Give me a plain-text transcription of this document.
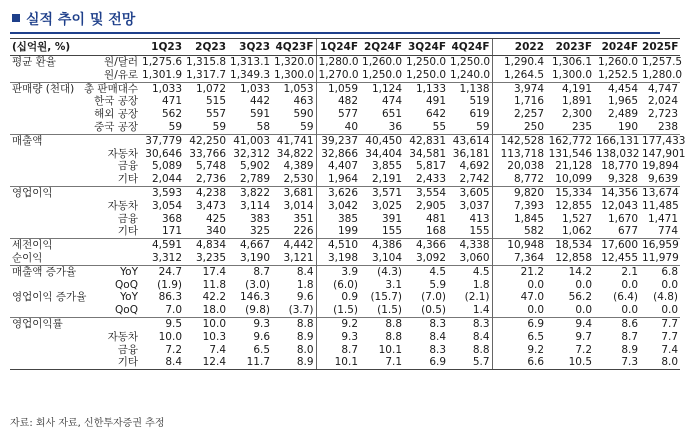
실적 추이 및 전망
(십억원, %)		1Q23	2Q23	3Q23	4Q23F	1Q24F	2Q24F	3Q24F	4Q24F	2022	2023F	2024F	2025F
평균 환율	원/달러	1,275.6	1,315.8	1,313.1	1,320.0	1,280.0	1,260.0	1,250.0	1,250.0	1,290.4	1,306.1	1,260.0	1,257.5
	원/유로	1,301.9	1,317.7	1,349.3	1,300.0	1,270.0	1,250.0	1,250.0	1,240.0	1,264.5	1,300.0	1,252.5	1,280.0
판매량 (천대)	총 판매대수	1,033	1,072	1,033	1,053	1,059	1,124	1,133	1,138	3,974	4,191	4,454	4,747
	한국 공장	471	515	442	463	482	474	491	519	1,716	1,891	1,965	2,024
	해외 공장	562	557	591	590	577	651	642	619	2,257	2,300	2,489	2,723
	중국 공장	59	59	58	59	40	36	55	59	250	235	190	238
매출액		37,779	42,250	41,003	41,741	39,237	40,450	42,831	43,614	142,528	162,772	166,131	177,433
	자동차	30,646	33,766	32,312	34,822	32,866	34,404	34,581	36,181	113,718	131,546	138,032	147,901
	금융	5,089	5,748	5,902	4,389	4,407	3,855	5,817	4,692	20,038	21,128	18,770	19,894
	기타	2,044	2,736	2,789	2,530	1,964	2,191	2,433	2,742	8,772	10,099	9,328	9,639
영업이익		3,593	4,238	3,822	3,681	3,626	3,571	3,554	3,605	9,820	15,334	14,356	13,674
	자동차	3,054	3,473	3,114	3,014	3,042	3,025	2,905	3,037	7,393	12,855	12,043	11,485
	금융	368	425	383	351	385	391	481	413	1,845	1,527	1,670	1,471
	기타	171	340	325	226	199	155	168	155	582	1,062	677	774
세전이익		4,591	4,834	4,667	4,442	4,510	4,386	4,366	4,338	10,948	18,534	17,600	16,959
순이익		3,312	3,235	3,190	3,121	3,198	3,104	3,092	3,060	7,364	12,858	12,455	11,979
매출액 증가율	YoY	24.7	17.4	8.7	8.4	3.9	(4.3)	4.5	4.5	21.2	14.2	2.1	6.8
	QoQ	(1.9)	11.8	(3.0)	1.8	(6.0)	3.1	5.9	1.8	0.0	0.0	0.0	0.0
영업이익 증가율	YoY	86.3	42.2	146.3	9.6	0.9	(15.7)	(7.0)	(2.1)	47.0	56.2	(6.4)	(4.8)
	QoQ	7.0	18.0	(9.8)	(3.7)	(1.5)	(1.5)	(0.5)	1.4	0.0	0.0	0.0	0.0
영업이익률		9.5	10.0	9.3	8.8	9.2	8.8	8.3	8.3	6.9	9.4	8.6	7.7
	자동차	10.0	10.3	9.6	8.9	9.3	8.8	8.4	8.4	6.5	9.7	8.7	7.7
	금융	7.2	7.4	6.5	8.0	8.7	10.1	8.3	8.8	9.2	7.2	8.9	7.4
	기타	8.4	12.4	11.7	8.9	10.1	7.1	6.9	5.7	6.6	10.5	7.3	8.0
자료: 회사 자료, 신한투자증권 추정
